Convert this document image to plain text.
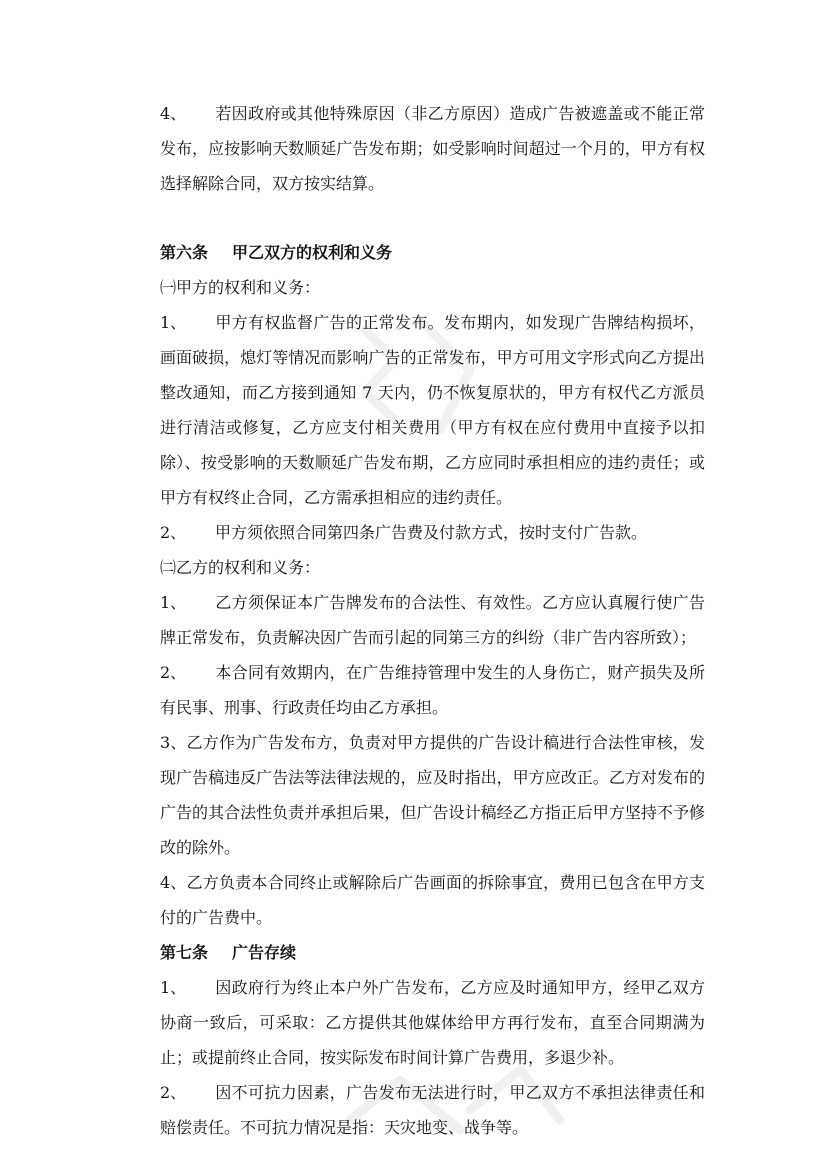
4、 若因政府或其他特殊原因（非乙方原因）造成广告被遮盖或不能正常发布，应按影响天数顺延广告发布期；如受影响时间超过一个月的，甲方有权选择解除合同，双方按实结算。

第六条 甲乙双方的权利和义务

㈠甲方的权利和义务：

1、 甲方有权监督广告的正常发布。发布期内，如发现广告牌结构损坏，画面破损，熄灯等情况而影响广告的正常发布，甲方可用文字形式向乙方提出整改通知，而乙方接到通知 7 天内，仍不恢复原状的，甲方有权代乙方派员进行清洁或修复，乙方应支付相关费用（甲方有权在应付费用中直接予以扣除）、按受影响的天数顺延广告发布期，乙方应同时承担相应的违约责任；或甲方有权终止合同，乙方需承担相应的违约责任。

2、 甲方须依照合同第四条广告费及付款方式，按时支付广告款。

㈡乙方的权利和义务：

1、 乙方须保证本广告牌发布的合法性、有效性。乙方应认真履行使广告牌正常发布，负责解决因广告而引起的同第三方的纠纷（非广告内容所致）；

2、 本合同有效期内，在广告维持管理中发生的人身伤亡，财产损失及所有民事、刑事、行政责任均由乙方承担。

3、乙方作为广告发布方，负责对甲方提供的广告设计稿进行合法性审核，发现广告稿违反广告法等法律法规的，应及时指出，甲方应改正。乙方对发布的广告的其合法性负责并承担后果，但广告设计稿经乙方指正后甲方坚持不予修改的除外。

4、乙方负责本合同终止或解除后广告画面的拆除事宜，费用已包含在甲方支付的广告费中。

第七条 广告存续

1、 因政府行为终止本户外广告发布，乙方应及时通知甲方，经甲乙双方协商一致后，可采取：乙方提供其他媒体给甲方再行发布，直至合同期满为止；或提前终止合同，按实际发布时间计算广告费用，多退少补。

2、 因不可抗力因素，广告发布无法进行时，甲乙双方不承担法律责任和赔偿责任。不可抗力情况是指：天灾地变、战争等。
